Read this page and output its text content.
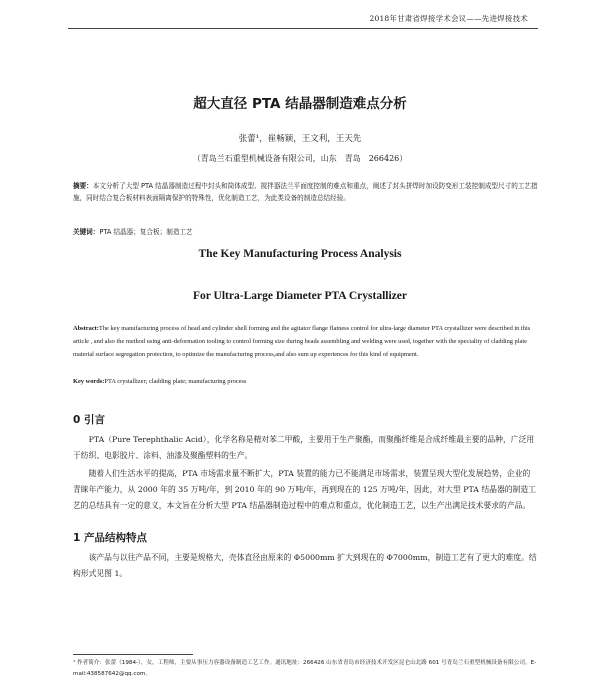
2018年甘肃省焊接学术会议——先进焊接技术
超大直径 PTA 结晶器制造难点分析
张蕾¹，崔畅颖，王文利，王天先
（青岛兰石重型机械设备有限公司，山东　青岛　266426）
摘要：本文分析了大型 PTA 结晶器制造过程中封头和筒体成型、搅拌器法兰平面度控制的难点和重点，阐述了封头拼焊时加设防变形工装控制成型尺寸的工艺措施，同时结合复合板材料表面隔离保护的特殊性，优化制造工艺，为此类设备的制造总结经验。
关键词：PTA 结晶器；复合板；制造工艺
The Key Manufacturing Process Analysis
For Ultra-Large Diameter PTA Crystallizer
Abstract:The key manufacturing process of head and cylinder shell forming and the agitator flange flatness control for ultra-large diameter PTA crystallizer were described in this article , and also the method using anti-deformation tooling to control forming size during heads assembling and welding were used, together with the speciality of cladding plate material surface segregation protection, to optimize the manufacturing process,and also sum up experiences for this kind of equipment.
Key words:PTA crystallizer; cladding plate; manufacturing process
0 引言
PTA（Pure Terephthalic Acid），化学名称是精对苯二甲酸，主要用于生产聚酯，而聚酯纤维是合成纤维最主要的品种，广泛用于纺织、电影胶片、涂料、油漆及聚酯塑料的生产。
随着人们生活水平的提高，PTA 市场需求量不断扩大，PTA 装置的能力已不能满足市场需求，装置呈现大型化发展趋势，企业的青睐年产能力，从 2000 年的 35 万吨/年，到 2010 年的 90 万吨/年，再到现在的 125 万吨/年，因此，对大型 PTA 结晶器的制造工艺的总结具有一定的意义，本文旨在分析大型 PTA 结晶器制造过程中的难点和重点，优化制造工艺，以生产出满足技术要求的产品。
1 产品结构特点
该产品与以往产品不同，主要是规格大，壳体直径由原来的 Φ5000mm 扩大到现在的 Φ7000mm，制造工艺有了更大的难度。结构形式见图 1。
¹ 作者简介：张蕾（1984-），女，工程师，主要从事压力容器设备制造工艺工作。通讯地址：266426 山东省青岛市经济技术开发区昆仑山北路 601 号青岛兰石重型机械设备有限公司。E-mail:438587642@qq.com。
